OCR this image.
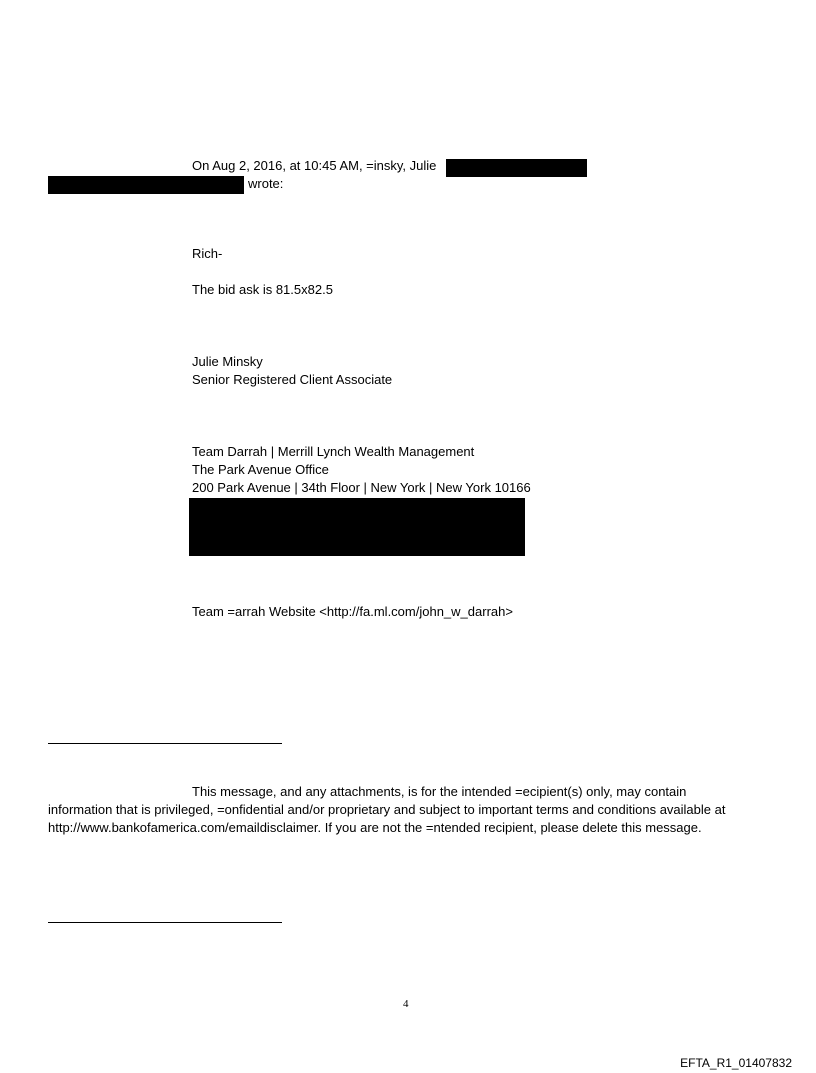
On Aug 2, 2016, at 10:45 AM, =insky, Julie
wrote:
Rich-
The bid ask is 81.5x82.5
Julie Minsky
Senior Registered Client Associate
Team Darrah | Merrill Lynch Wealth Management
The Park Avenue Office
200 Park Avenue | 34th Floor | New York | New York 10166
Team =arrah Website <http://fa.ml.com/john_w_darrah>
This message, and any attachments, is for the intended =ecipient(s) only, may contain
information that is privileged, =onfidential and/or proprietary and subject to important terms and conditions available at
http://www.bankofamerica.com/emaildisclaimer. If you are not the =ntended recipient, please delete this message.
4
EFTA_R1_01407832
